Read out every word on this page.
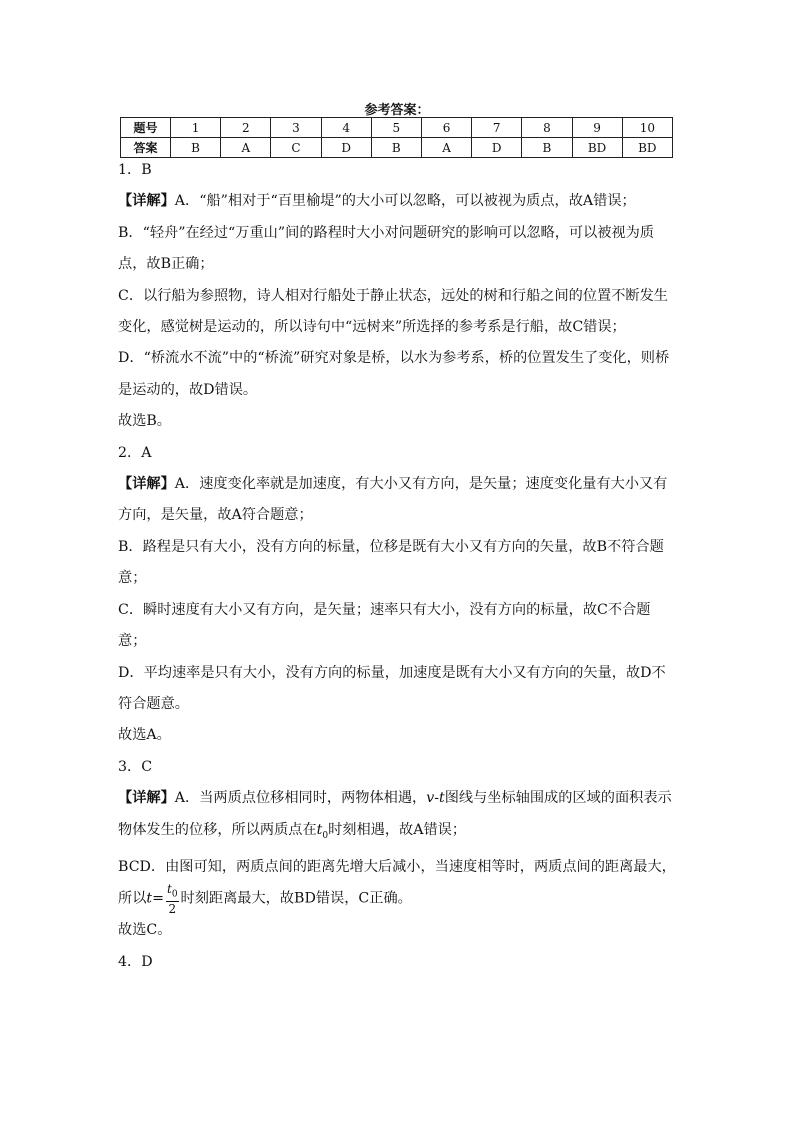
参考答案：
题号	1	2	3	4	5	6	7	8	9	10
答案	B	A	C	D	B	A	D	B	BD	BD

1．B

【详解】A．“船”相对于“百里榆堤”的大小可以忽略，可以被视为质点，故A错误；

B．“轻舟”在经过“万重山”间的路程时大小对问题研究的影响可以忽略，可以被视为质点，故B正确；

C．以行船为参照物，诗人相对行船处于静止状态，远处的树和行船之间的位置不断发生变化，感觉树是运动的，所以诗句中“远树来”所选择的参考系是行船，故C错误；

D．“桥流水不流”中的“桥流”研究对象是桥，以水为参考系，桥的位置发生了变化，则桥是运动的，故D错误。

故选B。

2．A

【详解】A．速度变化率就是加速度，有大小又有方向，是矢量；速度变化量有大小又有方向，是矢量，故A符合题意；

B．路程是只有大小，没有方向的标量，位移是既有大小又有方向的矢量，故B不符合题意；

C．瞬时速度有大小又有方向，是矢量；速率只有大小，没有方向的标量，故C不合题意；

D．平均速率是只有大小，没有方向的标量，加速度是既有大小又有方向的矢量，故D不符合题意。

故选A。

3．C

【详解】A．当两质点位移相同时，两物体相遇，v-t图线与坐标轴围成的区域的面积表示物体发生的位移，所以两质点在$t_0$时刻相遇，故A错误；

BCD．由图可知，两质点间的距离先增大后减小，当速度相等时，两质点间的距离最大，

所以$t= \frac{t_0}{2}$ 时刻距离最大，故BD错误，C正确。

故选C。

4．D
